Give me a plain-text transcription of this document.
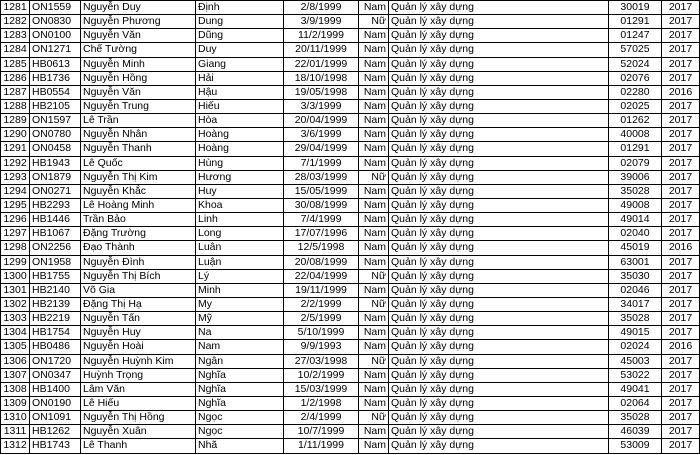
1281	ON1559	Nguyễn Duy	Định	2/8/1999	Nam	Quản lý xây dựng	30019	2017
1282	ON0830	Nguyễn Phương	Dung	3/9/1999	Nữ	Quản lý xây dựng	01291	2017
1283	ON0100	Nguyễn Văn	Dũng	11/2/1999	Nam	Quản lý xây dựng	01247	2017
1284	ON1271	Chế Tường	Duy	20/11/1999	Nam	Quản lý xây dựng	57025	2017
1285	HB0613	Nguyễn Minh	Giang	22/01/1999	Nam	Quản lý xây dựng	52024	2017
1286	HB1736	Nguyễn Hồng	Hải	18/10/1998	Nam	Quản lý xây dựng	02076	2017
1287	HB0554	Nguyễn Văn	Hậu	19/05/1998	Nam	Quản lý xây dựng	02280	2016
1288	HB2105	Nguyễn Trung	Hiếu	3/3/1999	Nam	Quản lý xây dựng	02025	2017
1289	ON1597	Lê Trần	Hòa	20/04/1999	Nam	Quản lý xây dựng	01262	2017
1290	ON0780	Nguyễn Nhân	Hoàng	3/6/1999	Nam	Quản lý xây dựng	40008	2017
1291	ON0458	Nguyễn Thanh	Hoàng	29/04/1999	Nam	Quản lý xây dựng	01291	2017
1292	HB1943	Lê Quốc	Hùng	7/1/1999	Nam	Quản lý xây dựng	02079	2017
1293	ON1879	Nguyễn Thị Kim	Hương	28/03/1999	Nữ	Quản lý xây dựng	39006	2017
1294	ON0271	Nguyễn Khắc	Huy	15/05/1999	Nam	Quản lý xây dựng	35028	2017
1295	HB2293	Lê Hoàng Minh	Khoa	30/08/1999	Nam	Quản lý xây dựng	49008	2017
1296	HB1446	Trần Bảo	Linh	7/4/1999	Nam	Quản lý xây dựng	49014	2017
1297	HB1067	Đặng Trường	Long	17/07/1996	Nam	Quản lý xây dựng	02040	2017
1298	ON2256	Đạo Thành	Luân	12/5/1998	Nam	Quản lý xây dựng	45019	2016
1299	ON1958	Nguyễn Đình	Luận	20/08/1999	Nam	Quản lý xây dựng	63001	2017
1300	HB1755	Nguyễn Thị Bích	Lý	22/04/1999	Nữ	Quản lý xây dựng	35030	2017
1301	HB2140	Võ Gia	Minh	19/11/1999	Nam	Quản lý xây dựng	02046	2017
1302	HB2139	Đặng Thị Hạ	My	2/2/1999	Nữ	Quản lý xây dựng	34017	2017
1303	HB2219	Nguyễn Tấn	Mỹ	2/5/1999	Nam	Quản lý xây dựng	35028	2017
1304	HB1754	Nguyễn Huy	Na	5/10/1999	Nam	Quản lý xây dựng	49015	2017
1305	HB0486	Nguyễn Hoài	Nam	9/9/1993	Nam	Quản lý xây dựng	02024	2016
1306	ON1720	Nguyễn Huỳnh Kim	Ngân	27/03/1998	Nữ	Quản lý xây dựng	45003	2017
1307	ON0347	Huỳnh Trọng	Nghĩa	10/2/1999	Nam	Quản lý xây dựng	53022	2017
1308	HB1400	Lâm Văn	Nghĩa	15/03/1999	Nam	Quản lý xây dựng	49041	2017
1309	ON0190	Lê Hiếu	Nghĩa	1/2/1998	Nam	Quản lý xây dựng	02064	2017
1310	ON1091	Nguyễn Thị Hồng	Ngọc	2/4/1999	Nữ	Quản lý xây dựng	35028	2017
1311	HB1262	Nguyễn Xuân	Ngọc	10/7/1999	Nam	Quản lý xây dựng	46039	2017
1312	HB1743	Lê Thanh	Nhã	1/11/1999	Nam	Quản lý xây dựng	53009	2017
